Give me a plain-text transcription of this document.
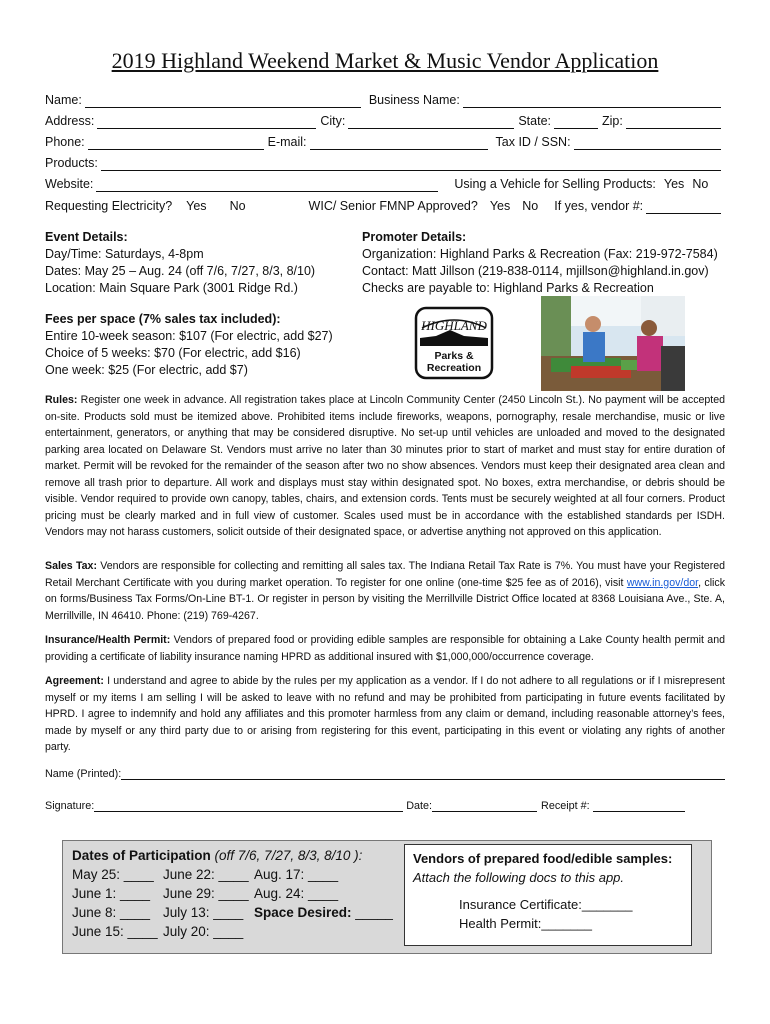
2019 Highland Weekend Market & Music Vendor Application
Name:	Business Name:
Address:	City:	State:	Zip:
Phone:	E-mail:	Tax ID / SSN:
Products:
Website:	Using a Vehicle for Selling Products: Yes No
Requesting Electricity? Yes No	WIC/ Senior FMNP Approved? Yes No If yes, vendor #:
Event Details:
Day/Time: Saturdays, 4-8pm
Dates: May 25 – Aug. 24 (off 7/6, 7/27, 8/3, 8/10)
Location: Main Square Park (3001 Ridge Rd.)
Promoter Details:
Organization: Highland Parks & Recreation (Fax: 219-972-7584)
Contact: Matt Jillson (219-838-0114, mjillson@highland.in.gov)
Checks are payable to: Highland Parks & Recreation
Fees per space (7% sales tax included):
Entire 10-week season: $107 (For electric, add $27)
Choice of 5 weeks: $70 (For electric, add $16)
One week: $25 (For electric, add $7)
HIGHLAND
Parks &
Recreation
Rules: Register one week in advance. All registration takes place at Lincoln Community Center (2450 Lincoln St.). No payment will be accepted on-site. Products sold must be itemized above. Prohibited items include fireworks, weapons, pornography, resale merchandise, music or live entertainment, generators, or anything that may be considered disruptive. No set-up until vehicles are unloaded and moved to the designated parking area located on Delaware St. Vendors must arrive no later than 30 minutes prior to start of market and must stay for entire duration of market. Permit will be revoked for the remainder of the season after two no show absences. Vendors must keep their designated area clean and remove all trash prior to departure. All work and displays must stay within designated spot. No boxes, extra merchandise, or debris should be visible. Vendor required to provide own canopy, tables, chairs, and extension cords. Tents must be securely weighted at all four corners. Product pricing must be clearly marked and in full view of customer. Scales used must be in accordance with the established standards per ISDH. Vendors may not harass customers, solicit outside of their designated space, or advertise anything not approved on this application.
Sales Tax: Vendors are responsible for collecting and remitting all sales tax. The Indiana Retail Tax Rate is 7%. You must have your Registered Retail Merchant Certificate with you during market operation. To register for one online (one-time $25 fee as of 2016), visit www.in.gov/dor, click on forms/Business Tax Forms/On-Line BT-1. Or register in person by visiting the Merrillville District Office located at 8368 Louisiana Ave., Ste. A, Merrillville, IN 46410. Phone: (219) 769-4267.
Insurance/Health Permit: Vendors of prepared food or providing edible samples are responsible for obtaining a Lake County health permit and providing a certificate of liability insurance naming HPRD as additional insured with $1,000,000/occurrence coverage.
Agreement: I understand and agree to abide by the rules per my application as a vendor. If I do not adhere to all regulations or if I misrepresent myself or my items I am selling I will be asked to leave with no refund and may be prohibited from participating in future events facilitated by HPRD. I agree to indemnify and hold any affiliates and this promoter harmless from any claim or demand, including reasonable attorney’s fees, made by myself or any third party due to or arising from registering for this event, participating in this event or violating any rights of another party.
Name (Printed):
Signature:	Date:	Receipt #:
Dates of Participation (off 7/6, 7/27, 8/3, 8/10 ):
May 25: ____ June 22: ____ Aug. 17: ____
June 1: ____ June 29: ____ Aug. 24: ____
June 8: ____ July 13: ____ Space Desired: _____
June 15: ____ July 20: ____
Vendors of prepared food/edible samples:
Attach the following docs to this app.
Insurance Certificate:_______
Health Permit:_______
